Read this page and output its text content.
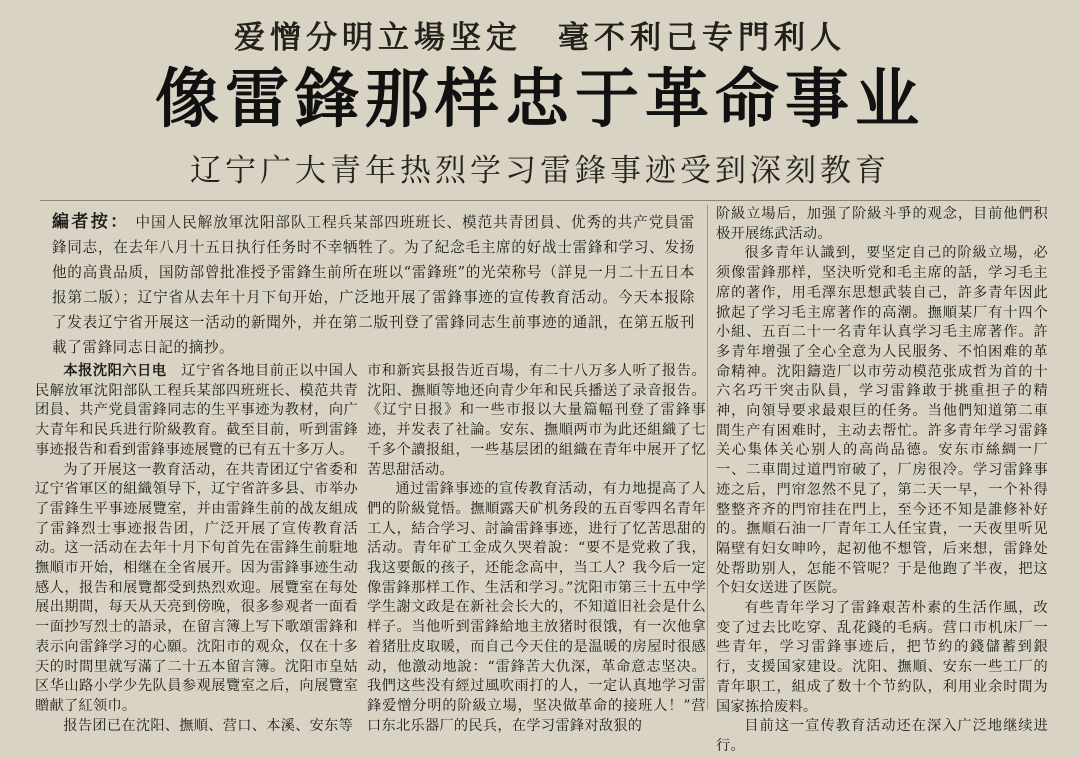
爱憎分明立場坚定　毫不利己专門利人
像雷鋒那样忠于革命事业
辽宁广大青年热烈学习雷鋒事迹受到深刻教育
編者按： 中国人民解放軍沈阳部队工程兵某部四班班长、模范共青团員、优秀的共产党員雷鋒同志，在去年八月十五日执行任务时不幸牺牲了。为了紀念毛主席的好战士雷鋒和学习、发扬他的高貴品质，国防部曾批准授予雷鋒生前所在班以“雷鋒班”的光荣称号（詳見一月二十五日本报第二版）；辽宁省从去年十月下旬开始，广泛地开展了雷鋒事迹的宣传教育活动。今天本报除了发表辽宁省开展这一活动的新聞外，并在第二版刊登了雷鋒同志生前事迹的通訊，在第五版刊載了雷鋒同志日記的摘抄。

本报沈阳六日电　 辽宁省各地目前正以中国人民解放軍沈阳部队工程兵某部四班班长、模范共青团員、共产党員雷鋒同志的生平事迹为教材，向广大青年和民兵进行阶級教育。截至目前，听到雷鋒事迹报告和看到雷鋒事迹展覽的已有五十多万人。

为了开展这一教育活动，在共青团辽宁省委和辽宁省軍区的組織領导下，辽宁省許多县、市举办了雷鋒生平事迹展覽室，并由雷鋒生前的战友組成了雷鋒烈士事迹报告团，广泛开展了宣传教育活动。这一活动在去年十月下旬首先在雷鋒生前駐地撫順市开始，相继在全省展开。因为雷鋒事迹生动感人，报告和展覽都受到热烈欢迎。展覽室在每处展出期間，每天从天亮到傍晚，很多参观者一面看一面抄写烈士的語录，在留言簿上写下歌頌雷鋒和表示向雷鋒学习的心願。沈阳市的观众，仅在十多天的时間里就写滿了二十五本留言簿。沈阳市皇姑区华山路小学少先队員参观展覽室之后，向展覽室贈献了紅领巾。

报告团已在沈阳、撫順、营口、本溪、安东等

市和新宾县报告近百場，有二十八万多人听了报告。沈阳、撫順等地还向青少年和民兵播送了录音报告。《辽宁日报》和一些市报以大量篇幅刊登了雷鋒事迹，并发表了社論。安东、撫順两市为此还組織了七千多个讀报組，一些基层团的組織在青年中展开了忆苦思甜活动。

通过雷鋒事迹的宣传教育活动，有力地提高了人們的阶級覚悟。撫順露天矿机务段的五百零四名青年工人，結合学习、討論雷鋒事迹，进行了忆苦思甜的活动。青年矿工金成久哭着說：“要不是党救了我，我这要飯的孩子，还能念高中，当工人？我今后一定像雷鋒那样工作、生活和学习。”沈阳市第三十五中学学生謝文政是在新社会长大的，不知道旧社会是什么样子。当他听到雷鋒給地主放猪时很饿，有一次他拿着猪肚皮取暖，而自己今天住的是温暖的房屋时很感动，他激动地說：“雷鋒苦大仇深，革命意志坚决。我們这些没有經过風吹雨打的人，一定认真地学习雷鋒爱憎分明的阶級立場，坚决做革命的接班人！”营口东北乐器厂的民兵，在学习雷鋒对敌狠的

阶級立場后，加强了阶級斗爭的观念，目前他們积极开展练武活动。

很多青年认識到，要坚定自己的阶級立場，必须像雷鋒那样，坚決听党和毛主席的話，学习毛主席的著作，用毛澤东思想武装自己，許多青年因此掀起了学习毛主席著作的高潮。撫順某厂有十四个小組、五百二十一名青年认真学习毛主席著作。許多青年增强了全心全意为人民服务、不怕困难的革命精神。沈阳鑄造厂以市劳动模范张成哲为首的十六名巧干突击队員，学习雷鋒敢于挑重担子的精神，向領导要求最艰巨的任务。当他們知道第二車間生产有困难时，主动去帮忙。許多青年学习雷鋒关心集体关心别人的高尚品德。安东市絲綢一厂一、二車間过道門帘破了，厂房很冷。学习雷鋒事迹之后，門帘忽然不見了，第二天一早，一个补得整整齐齐的門帘挂在門上，至今还不知是誰修补好的。撫順石油一厂青年工人任宝貴，一天夜里听见隔壁有妇女呻吟，起初他不想管，后来想，雷鋒处处帮助别人，怎能不管呢？于是他跑了半夜，把这个妇女送进了医院。

有些青年学习了雷鋒艰苦朴素的生活作風，改变了过去比吃穿、乱花錢的毛病。营口市机床厂一些青年，学习雷鋒事迹后，把节約的錢儲蓄到銀行，支援国家建设。沈阳、撫順、安东一些工厂的青年职工，組成了数十个节約队，利用业余时間为国家拣拾废料。

目前这一宣传教育活动还在深入广泛地继续进行。
